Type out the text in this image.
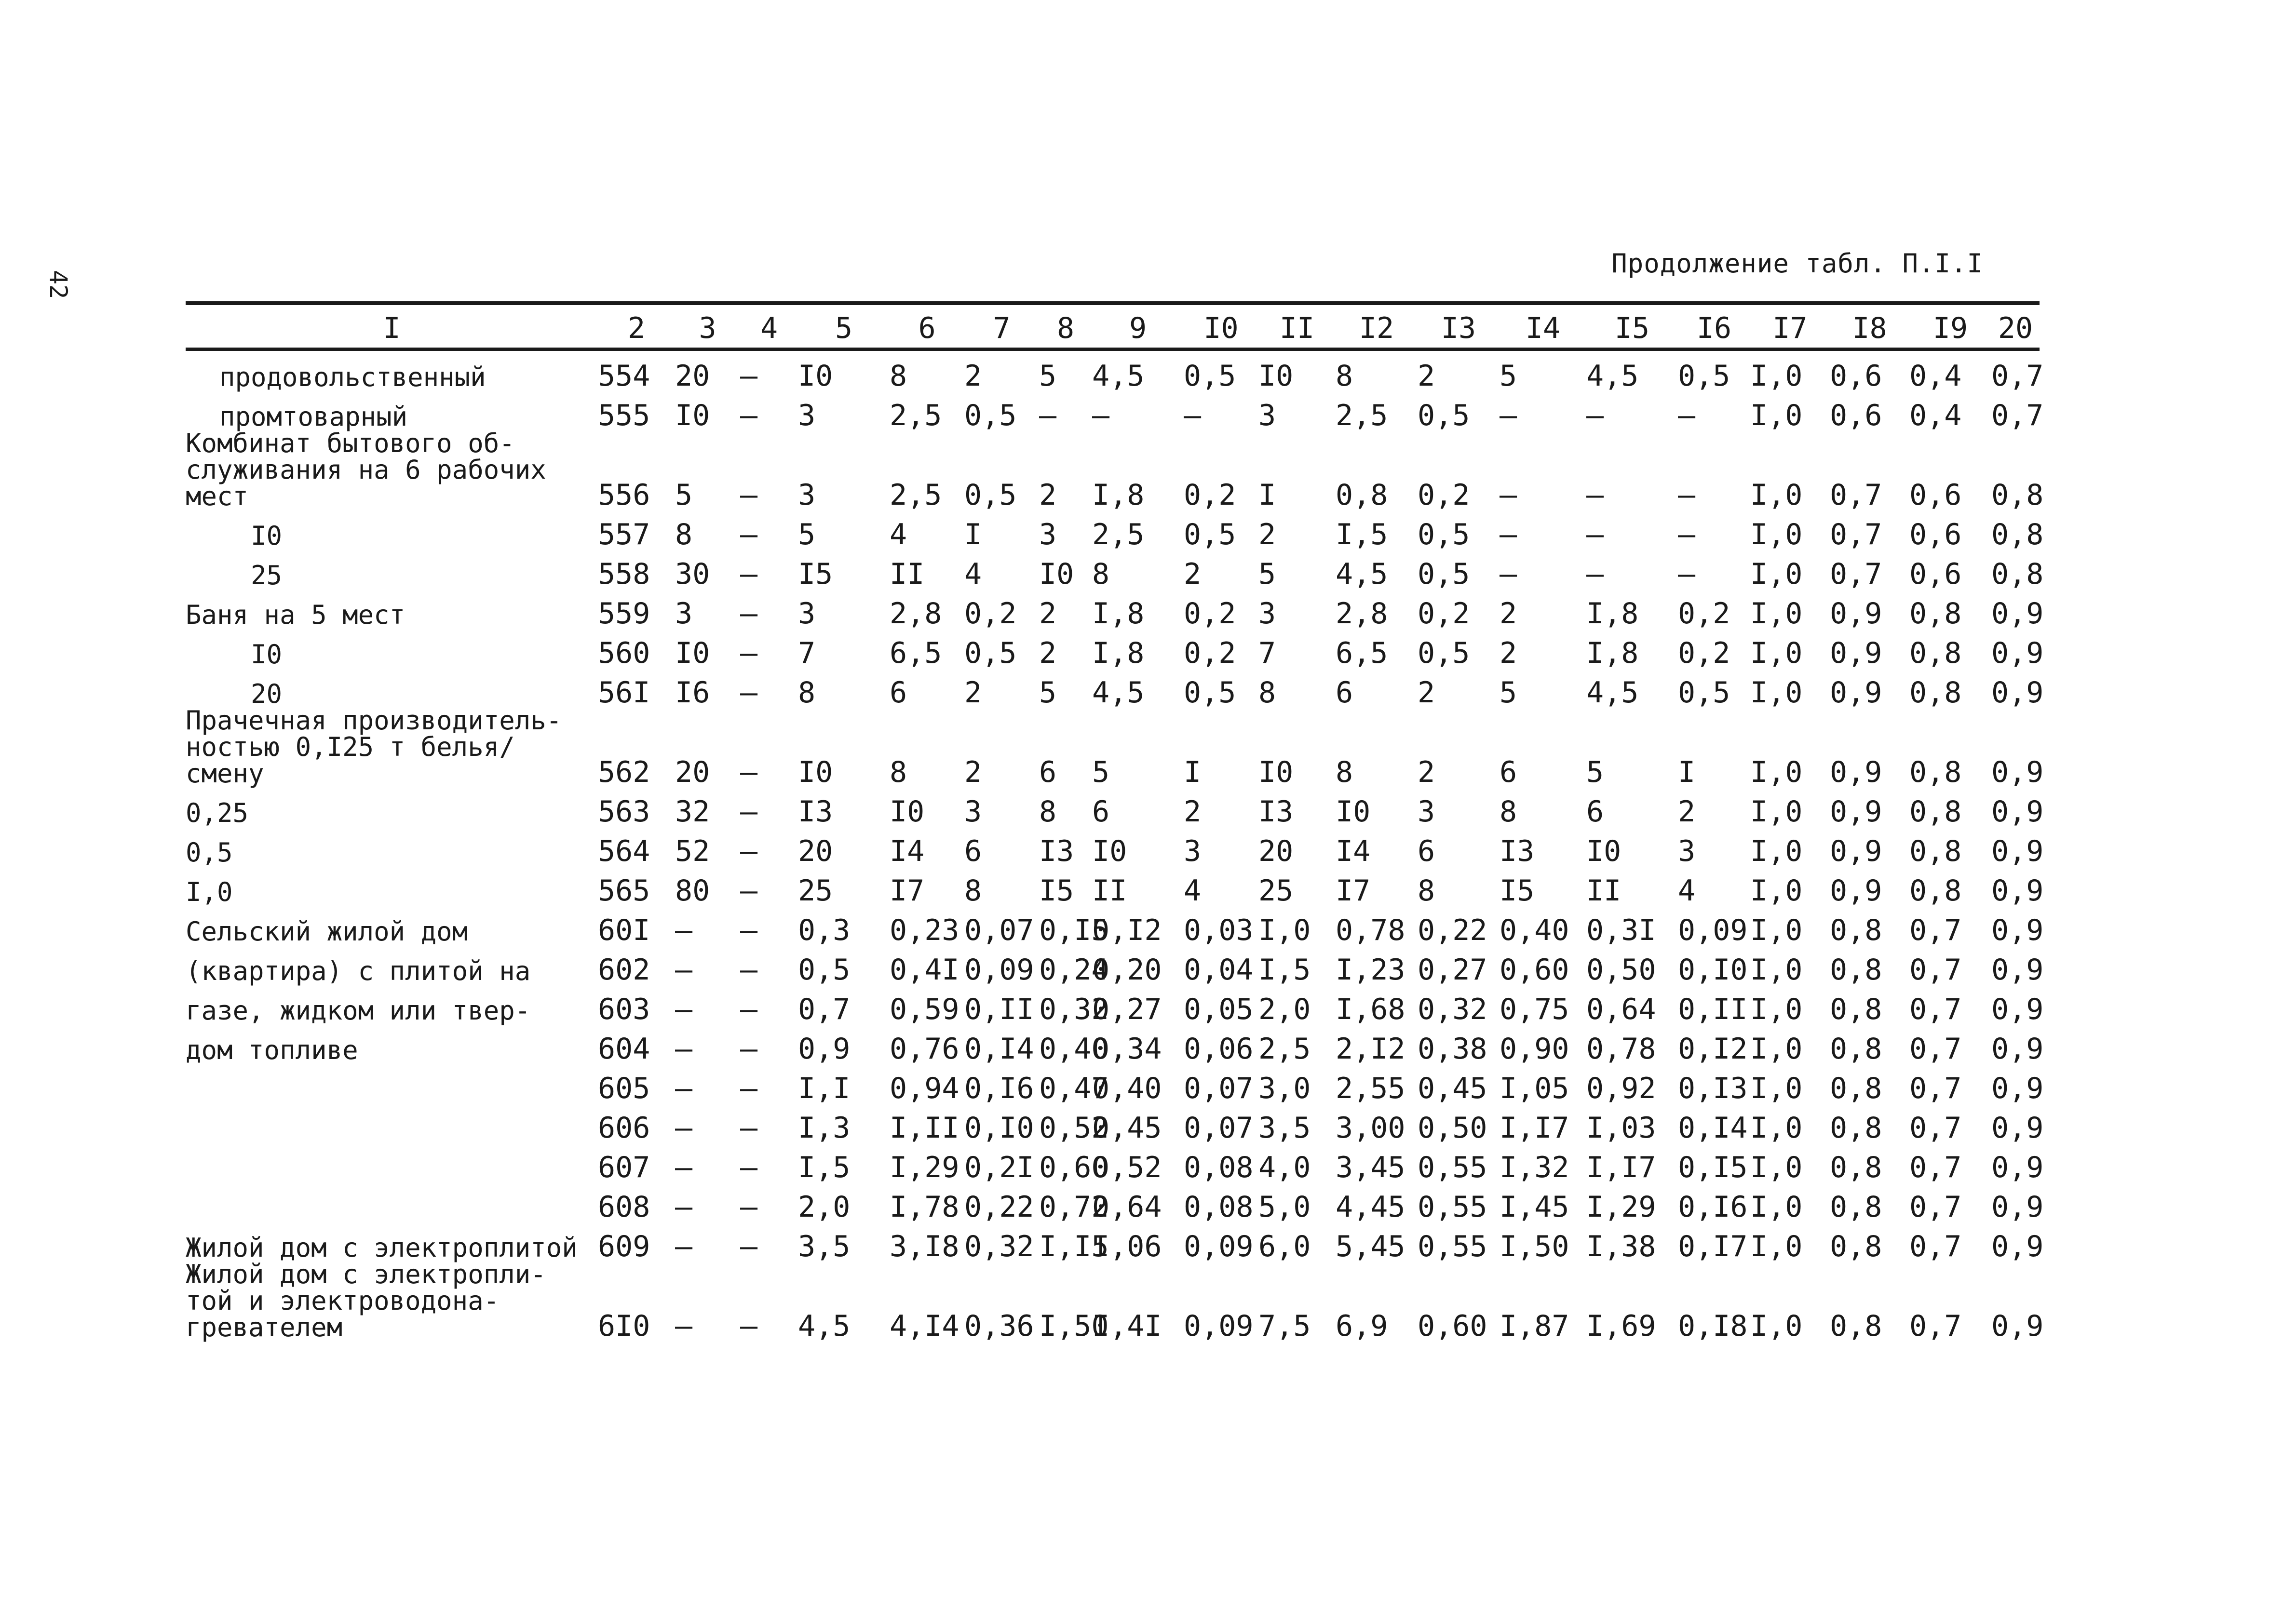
42
Продолжение табл. П.I.I
I	2	3	4	5	6	7	8	9	I0	II	I2	I3	I4	I5	I6	I7	I8	I9	20
продовольственный	554	20	–	I0	8	2	5	4,5	0,5	I0	8	2	5	4,5	0,5	I,0	0,6	0,4	0,7
промтоварный	555	I0	–	3	2,5	0,5	–	–	–	3	2,5	0,5	–	–	–	I,0	0,6	0,4	0,7
Комбинат бытового об-служивания на 6 рабочих мест	556	5	–	3	2,5	0,5	2	I,8	0,2	I	0,8	0,2	–	–	–	I,0	0,7	0,6	0,8
I0	557	8	–	5	4	I	3	2,5	0,5	2	I,5	0,5	–	–	–	I,0	0,7	0,6	0,8
25	558	30	–	I5	II	4	I0	8	2	5	4,5	0,5	–	–	–	I,0	0,7	0,6	0,8
Баня на 5 мест	559	3	–	3	2,8	0,2	2	I,8	0,2	3	2,8	0,2	2	I,8	0,2	I,0	0,9	0,8	0,9
I0	560	I0	–	7	6,5	0,5	2	I,8	0,2	7	6,5	0,5	2	I,8	0,2	I,0	0,9	0,8	0,9
20	56I	I6	–	8	6	2	5	4,5	0,5	8	6	2	5	4,5	0,5	I,0	0,9	0,8	0,9
Прачечная производитель-ностью 0,I25 т белья/смену	562	20	–	I0	8	2	6	5	I	I0	8	2	6	5	I	I,0	0,9	0,8	0,9
0,25	563	32	–	I3	I0	3	8	6	2	I3	I0	3	8	6	2	I,0	0,9	0,8	0,9
0,5	564	52	–	20	I4	6	I3	I0	3	20	I4	6	I3	I0	3	I,0	0,9	0,8	0,9
I,0	565	80	–	25	I7	8	I5	II	4	25	I7	8	I5	II	4	I,0	0,9	0,8	0,9
Сельский жилой дом	60I	–	–	0,3	0,23	0,07	0,I5	0,I2	0,03	I,0	0,78	0,22	0,40	0,3I	0,09	I,0	0,8	0,7	0,9
(квартира) с плитой на	602	–	–	0,5	0,4I	0,09	0,24	0,20	0,04	I,5	I,23	0,27	0,60	0,50	0,I0	I,0	0,8	0,7	0,9
газе, жидком или твер-	603	–	–	0,7	0,59	0,II	0,32	0,27	0,05	2,0	I,68	0,32	0,75	0,64	0,II	I,0	0,8	0,7	0,9
дом топливе	604	–	–	0,9	0,76	0,I4	0,40	0,34	0,06	2,5	2,I2	0,38	0,90	0,78	0,I2	I,0	0,8	0,7	0,9
	605	–	–	I,I	0,94	0,I6	0,47	0,40	0,07	3,0	2,55	0,45	I,05	0,92	0,I3	I,0	0,8	0,7	0,9
	606	–	–	I,3	I,II	0,I0	0,52	0,45	0,07	3,5	3,00	0,50	I,I7	I,03	0,I4	I,0	0,8	0,7	0,9
	607	–	–	I,5	I,29	0,2I	0,60	0,52	0,08	4,0	3,45	0,55	I,32	I,I7	0,I5	I,0	0,8	0,7	0,9
	608	–	–	2,0	I,78	0,22	0,72	0,64	0,08	5,0	4,45	0,55	I,45	I,29	0,I6	I,0	0,8	0,7	0,9
Жилой дом с электроплитой	609	–	–	3,5	3,I8	0,32	I,I5	I,06	0,09	6,0	5,45	0,55	I,50	I,38	0,I7	I,0	0,8	0,7	0,9
Жилой дом с электропли-той и электроводона-гревателем	6I0	–	–	4,5	4,I4	0,36	I,50	I,4I	0,09	7,5	6,9	0,60	I,87	I,69	0,I8	I,0	0,8	0,7	0,9
